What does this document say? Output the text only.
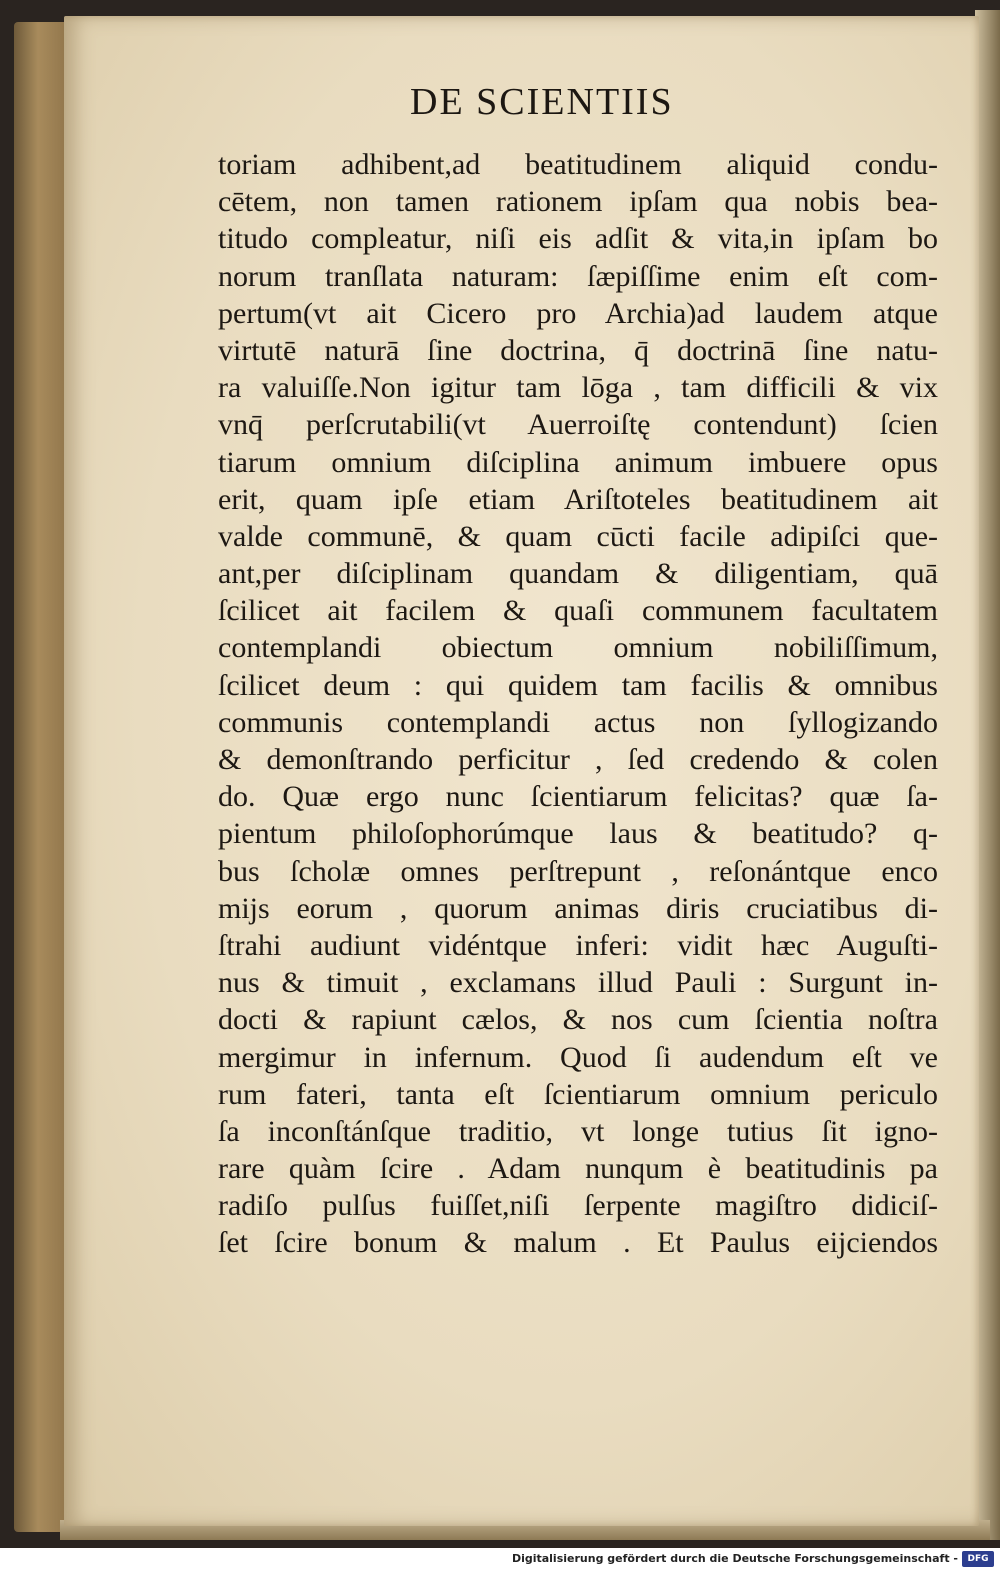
DE SCIENTIIS
toriam adhibent,ad beatitudinem aliquid condu-
cētem, non tamen rationem ipſam qua nobis bea-
titudo compleatur, niſi eis adſit & vita,in ipſam bo
norum tranſlata naturam: ſæpiſſime enim eſt com-
pertum(vt ait Cicero pro Archia)ad laudem atque
virtutē naturā ſine doctrina, q̄ doctrinā ſine natu-
ra valuiſſe.Non igitur tam lōga , tam difficili & vix
vnq̄ perſcrutabili(vt Auerroiſtę contendunt) ſcien
tiarum omnium diſciplina animum imbuere opus
erit, quam ipſe etiam Ariſtoteles beatitudinem ait
valde communē, & quam cūcti facile adipiſci que-
ant,per diſciplinam quandam & diligentiam, quā
ſcilicet ait facilem & quaſi communem facultatem
contemplandi obiectum omnium nobiliſſimum,
ſcilicet deum : qui quidem tam facilis & omnibus
communis contemplandi actus non ſyllogizando
& demonſtrando perficitur , ſed credendo & colen
do. Quæ ergo nunc ſcientiarum felicitas? quæ ſa-
pientum philoſophorúmque laus & beatitudo? q-
bus ſcholæ omnes perſtrepunt , reſonántque enco
mijs eorum , quorum animas diris cruciatibus di-
ſtrahi audiunt vidéntque inferi: vidit hæc Auguſti-
nus & timuit , exclamans illud Pauli : Surgunt in-
docti & rapiunt cælos, & nos cum ſcientia noſtra
mergimur in infernum. Quod ſi audendum eſt ve
rum fateri, tanta eſt ſcientiarum omnium periculo
ſa inconſtánſque traditio, vt longe tutius ſit igno-
rare quàm ſcire . Adam nunqum è beatitudinis pa
radiſo pulſus fuiſſet,niſi ſerpente magiſtro didiciſ-
ſet ſcire bonum & malum . Et Paulus eijciendos
Digitalisierung gefördert durch die Deutsche Forschungsgemeinschaft -	DFG
